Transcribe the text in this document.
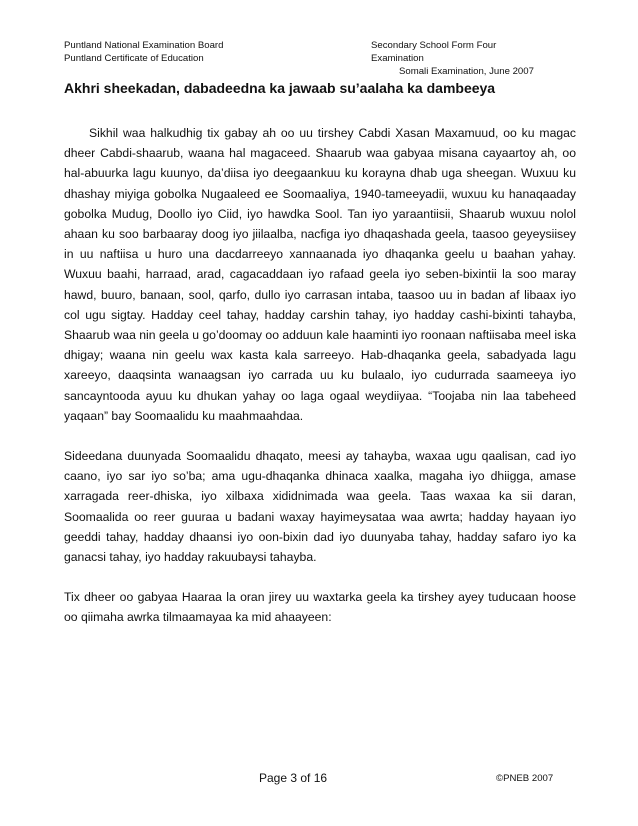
Puntland National Examination Board
Puntland Certificate of Education
Secondary School Form Four Examination
Somali Examination, June 2007
Akhri sheekadan, dabadeedna ka jawaab su’aalaha ka dambeeya

Sikhil waa halkudhig tix gabay ah oo uu tirshey Cabdi Xasan Maxamuud, oo ku magac dheer Cabdi-shaarub, waana hal magaceed. Shaarub waa gabyaa misana cayaartoy ah, oo hal-abuurka lagu kuunyo, da’diisa iyo deegaankuu ku korayna dhab uga sheegan. Wuxuu ku dhashay miyiga gobolka Nugaaleed ee Soomaaliya, 1940-tameeyadii, wuxuu ku hanaqaaday gobolka Mudug, Doollo iyo Ciid, iyo hawdka Sool. Tan iyo yaraantiisii, Shaarub wuxuu nolol ahaan ku soo barbaaray doog iyo jiilaalba, nacfiga iyo dhaqashada geela, taasoo geyeysiisey in uu naftiisa u huro una dacdarreeyo xannaanada iyo dhaqanka geelu u baahan yahay. Wuxuu baahi, harraad, arad, cagacaddaan iyo rafaad geela iyo seben-bixintii la soo maray hawd, buuro, banaan, sool, qarfo, dullo iyo carrasan intaba, taasoo uu in badan af libaax iyo col ugu sigtay. Hadday ceel tahay, hadday carshin tahay, iyo hadday cashi-bixinti tahayba, Shaarub waa nin geela u go’doomay oo adduun kale haaminti iyo roonaan naftiisaba meel iska dhigay; waana nin geelu wax kasta kala sarreeyo. Hab-dhaqanka geela, sabadyada lagu xareeyo, daaqsinta wanaagsan iyo carrada uu ku bulaalo, iyo cudurrada saameeya iyo sancayntooda ayuu ku dhukan yahay oo laga ogaal weydiiyaa. “Toojaba nin laa tabeheed yaqaan” bay Soomaalidu ku maahmaahdaa.

Sideedana duunyada Soomaalidu dhaqato, meesi ay tahayba, waxaa ugu qaalisan, cad iyo caano, iyo sar iyo so’ba; ama ugu-dhaqanka dhinaca xaalka, magaha iyo dhiigga, amase xarragada reer-dhiska, iyo xilbaxa xididnimada waa geela. Taas waxaa ka sii daran, Soomaalida oo reer guuraa u badani waxay hayimeysataa waa awrta; hadday hayaan iyo geeddi tahay, hadday dhaansi iyo oon-bixin dad iyo duunyaba tahay, hadday safaro iyo ka ganacsi tahay, iyo hadday rakuubaysi tahayba.

Tix dheer oo gabyaa Haaraa la oran jirey uu waxtarka geela ka tirshey ayey tuducaan hoose oo qiimaha awrka tilmaamayaa ka mid ahaayeen:

Page 3 of 16	©PNEB 2007
